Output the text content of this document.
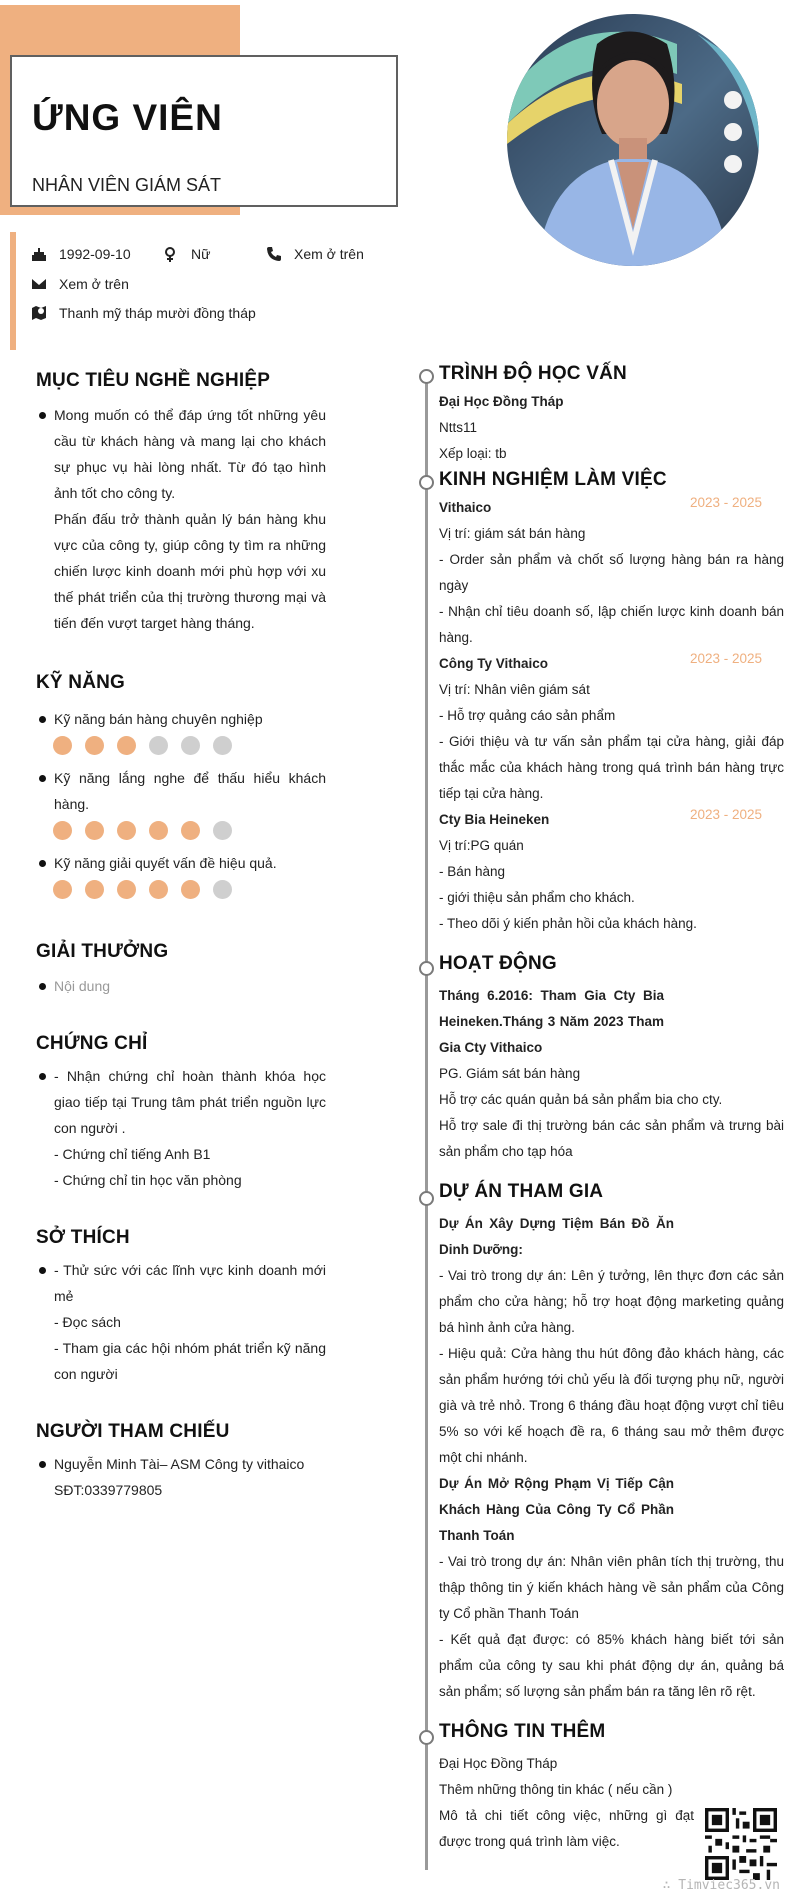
ỨNG VIÊN
NHÂN VIÊN GIÁM SÁT
1992-09-10	Nữ	Xem ở trên
Xem ở trên
Thanh mỹ tháp mười đồng tháp
MỤC TIÊU NGHỀ NGHIỆP
Mong muốn có thể đáp ứng tốt những yêu cầu từ khách hàng và mang lại cho khách sự phục vụ hài lòng nhất. Từ đó tạo hình ảnh tốt cho công ty.
Phấn đấu trở thành quản lý bán hàng khu vực của công ty, giúp công ty tìm ra những chiến lược kinh doanh mới phù hợp với xu thế phát triển của thị trường thương mại và tiến đến vượt target hàng tháng.
KỸ NĂNG
Kỹ năng bán hàng chuyên nghiệp
Kỹ năng lắng nghe để thấu hiểu khách hàng.
Kỹ năng giải quyết vấn đề hiệu quả.
GIẢI THƯỞNG
Nội dung
CHỨNG CHỈ
- Nhận chứng chỉ hoàn thành khóa học giao tiếp tại Trung tâm phát triển nguồn lực con người .
- Chứng chỉ tiếng Anh B1
- Chứng chỉ tin học văn phòng
SỞ THÍCH
- Thử sức với các lĩnh vực kinh doanh mới mẻ
- Đọc sách
- Tham gia các hội nhóm phát triển kỹ năng con người
NGƯỜI THAM CHIẾU
Nguyễn Minh Tài– ASM Công ty vithaico
SĐT:0339779805
TRÌNH ĐỘ HỌC VẤN
Đại Học Đồng Tháp
Ntts11
Xếp loại: tb
KINH NGHIỆM LÀM VIỆC
Vithaico	2023 - 2025
Vị trí: giám sát bán hàng
- Order sản phẩm và chốt số lượng hàng bán ra hàng ngày
- Nhận chỉ tiêu doanh số, lập chiến lược kinh doanh bán hàng.
Công Ty Vithaico	2023 - 2025
Vị trí: Nhân viên giám sát
- Hỗ trợ quảng cáo sản phẩm
- Giới thiệu và tư vấn sản phẩm tại cửa hàng, giải đáp thắc mắc của khách hàng trong quá trình bán hàng trực tiếp tại cửa hàng.
Cty Bia Heineken	2023 - 2025
Vị trí:PG quán
- Bán hàng
- giới thiệu sản phẩm cho khách.
- Theo dõi ý kiến phản hồi của khách hàng.
HOẠT ĐỘNG
Tháng 6.2016: Tham Gia Cty Bia Heineken.Tháng 3 Năm 2023 Tham Gia Cty Vithaico
PG. Giám sát bán hàng
Hỗ trợ các quán quản bá sản phẩm bia cho cty.
Hỗ trợ sale đi thị trường bán các sản phẩm và trưng bài sản phẩm cho tạp hóa
DỰ ÁN THAM GIA
Dự Án Xây Dựng Tiệm Bán Đồ Ăn Dinh Dưỡng:
- Vai trò trong dự án: Lên ý tưởng, lên thực đơn các sản phẩm cho cửa hàng; hỗ trợ hoạt động marketing quảng bá hình ảnh cửa hàng.
- Hiệu quả: Cửa hàng thu hút đông đảo khách hàng, các sản phẩm hướng tới chủ yếu là đối tượng phụ nữ, người già và trẻ nhỏ. Trong 6 tháng đầu hoạt động vượt chỉ tiêu 5% so với kế hoạch đề ra, 6 tháng sau mở thêm được một chi nhánh.
Dự Án Mở Rộng Phạm Vị Tiếp Cận Khách Hàng Của Công Ty Cổ Phần Thanh Toán
- Vai trò trong dự án: Nhân viên phân tích thị trường, thu thập thông tin ý kiến khách hàng về sản phẩm của Công ty Cổ phần Thanh Toán
- Kết quả đạt được: có 85% khách hàng biết tới sản phẩm của công ty sau khi phát động dự án, quảng bá sản phẩm; số lượng sản phẩm bán ra tăng lên rõ rệt.
THÔNG TIN THÊM
Đại Học Đồng Tháp
Thêm những thông tin khác ( nếu cần )
Mô tả chi tiết công việc, những gì đạt được trong quá trình làm việc.
∴ Timviec365.vn
